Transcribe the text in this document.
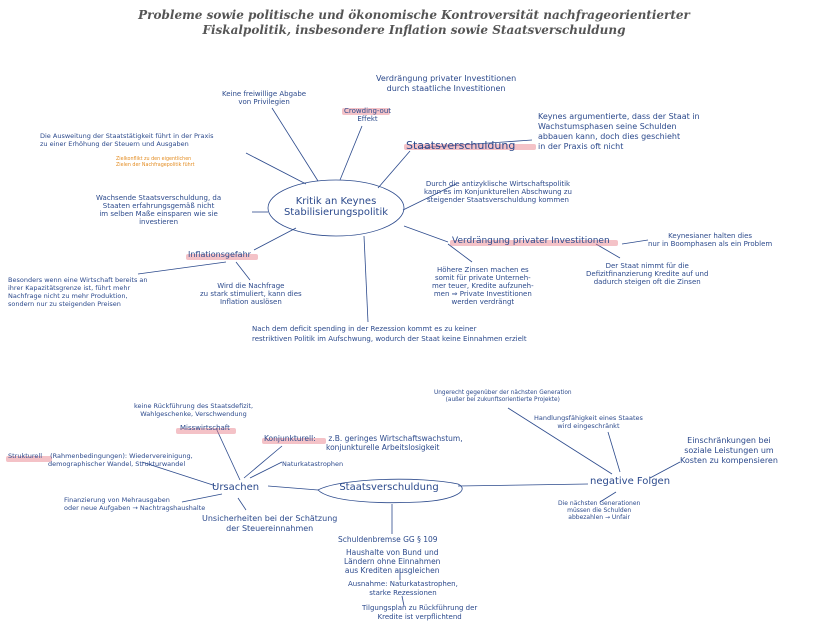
Probleme sowie politische und ökonomische Kontroversität nachfrageorientierter
Fiskalpolitik, insbesondere Inflation sowie Staatsverschuldung
Kritik an Keynes
Stabilisierungspolitik
Keine freiwillige Abgabe
von Privilegien
Verdrängung privater Investitionen
durch staatliche Investitionen
Crowding-out
Effekt
Die Ausweitung der Staatstätigkeit führt in der Praxis
zu einer Erhöhung der Steuern und Ausgaben
Zielkonflikt zu den eigentlichen
Zielen der Nachfragepolitik führt
Staatsverschuldung
Keynes argumentierte, dass der Staat in
Wachstumsphasen seine Schulden
abbauen kann, doch dies geschieht
in der Praxis oft nicht
Durch die antizyklische Wirtschaftspolitik
kann es im Konjunkturellen Abschwung zu
steigender Staatsverschuldung kommen
Wachsende Staatsverschuldung, da
Staaten erfahrungsgemäß nicht
im selben Maße einsparen wie sie
investieren
Inflationsgefahr
Verdrängung privater Investitionen	Keynesianer halten dies
nur in Boomphasen als ein Problem
Höhere Zinsen machen es
somit für private Unterneh-
mer teuer, Kredite aufzuneh-
men ⇒ Private Investitionen
werden verdrängt
Der Staat nimmt für die
Defizitfinanzierung Kredite auf und
dadurch steigen oft die Zinsen
Besonders wenn eine Wirtschaft bereits an
ihrer Kapazitätsgrenze ist, führt mehr
Nachfrage nicht zu mehr Produktion,
sondern nur zu steigenden Preisen
Wird die Nachfrage
zu stark stimuliert, kann dies
Inflation auslösen
Nach dem deficit spending in der Rezession kommt es zu keiner
restriktiven Politik im Aufschwung, wodurch der Staat keine Einnahmen erzielt
Staatsverschuldung
Ursachen
negative Folgen
keine Rückführung des Staatsdefizit,
Wahlgeschenke, Verschwendung
Misswirtschaft
Konjunkturell:	z.B. geringes Wirtschaftswachstum,
konjunkturelle Arbeitslosigkeit
Naturkatastrophen
Strukturell	(Rahmenbedingungen): Wiedervereinigung,
demographischer Wandel, Strukturwandel
Finanzierung von Mehrausgaben
oder neue Aufgaben → Nachtragshaushalte
Unsicherheiten bei der Schätzung
der Steuereinnahmen
Ungerecht gegenüber der nächsten Generation
(außer bei zukunftsorientierte Projekte)
Handlungsfähigkeit eines Staates
wird eingeschränkt
Einschränkungen bei
soziale Leistungen um
Kosten zu kompensieren
Die nächsten Generationen
müssen die Schulden
abbezahlen → Unfair
Schuldenbremse GG § 109
Haushalte von Bund und
Ländern ohne Einnahmen
aus Krediten ausgleichen
Ausnahme: Naturkatastrophen,
starke Rezessionen
Tilgungsplan zu Rückführung der
Kredite ist verpflichtend
